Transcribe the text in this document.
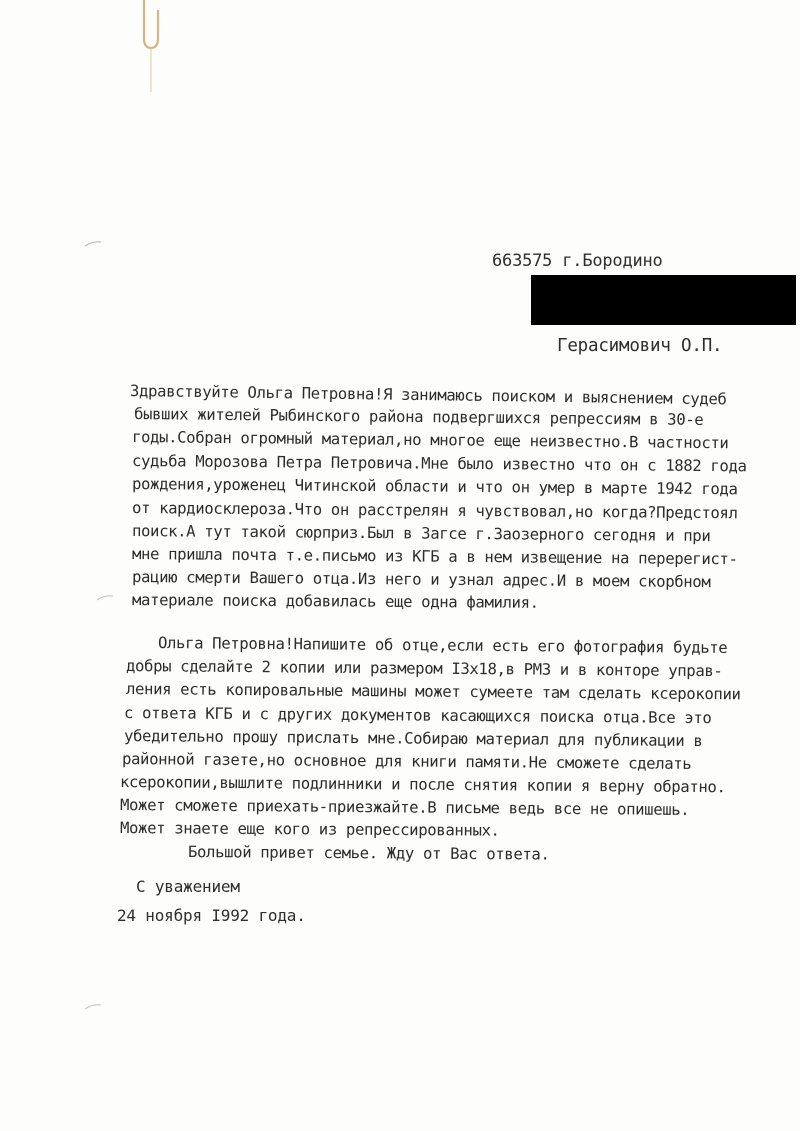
663575 г.Бородино
Герасимович О.П.
Здравствуйте Ольга Петровна!Я занимаюсь поиском и выяснением судеб
бывших жителей Рыбинского района подвергшихся репрессиям в 30-е
годы.Собран огромный материал,но многое еще неизвестно.В частности
судьба Морозова Петра Петровича.Мне было известно что он с 1882 года
рождения,уроженец Читинской области и что он умер в марте 1942 года
от кардиосклероза.Что он расстрелян я чувствовал,но когда?Предстоял
поиск.А тут такой сюрприз.Был в Загсе г.Заозерного сегодня и при
мне пришла почта т.е.письмо из КГБ а в нем извещение на перерегист-
рацию смерти Вашего отца.Из него и узнал адрес.И в моем скорбном
материале поиска добавилась еще одна фамилия.
Ольга Петровна!Напишите об отце,если есть его фотография будьте
добры сделайте 2 копии или размером I3x18,в РМЗ и в конторе управ-
ления есть копировальные машины может сумеете там сделать ксерокопии
с ответа КГБ и с других документов касающихся поиска отца.Все это
убедительно прошу прислать мне.Собираю материал для публикации в
районной газете,но основное для книги памяти.Не сможете сделать
ксерокопии,вышлите подлинники и после снятия копии я верну обратно.
Может сможете приехать-приезжайте.В письме ведь все не опишешь.
Может знаете еще кого из репрессированных.
Большой привет семье. Жду от Вас ответа.
С уважением
24 ноября I992 года.
